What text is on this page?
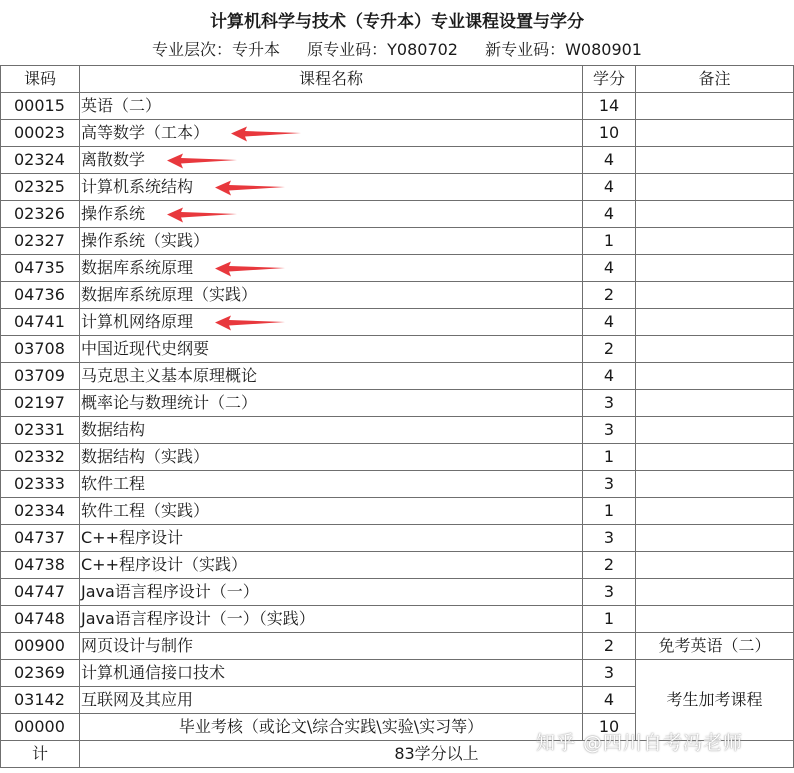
计算机科学与技术（专升本）专业课程设置与学分
专业层次：专升本 原专业码：Y080702 新专业码：W080901
课码	课程名称	学分	备注
00015	英语（二）	14	
00023	高等数学（工本）	10	
02324	离散数学	4	
02325	计算机系统结构	4	
02326	操作系统	4	
02327	操作系统（实践）	1	
04735	数据库系统原理	4	
04736	数据库系统原理（实践）	2	
04741	计算机网络原理	4	
03708	中国近现代史纲要	2	
03709	马克思主义基本原理概论	4	
02197	概率论与数理统计（二）	3	
02331	数据结构	3	
02332	数据结构（实践）	1	
02333	软件工程	3	
02334	软件工程（实践）	1	
04737	C++程序设计	3	
04738	C++程序设计（实践）	2	
04747	Java语言程序设计（一）	3	
04748	Java语言程序设计（一）（实践）	1	
00900	网页设计与制作	2	免考英语（二）
02369	计算机通信接口技术	3	考生加考课程
03142	互联网及其应用	4	
00000	毕业考核（或论文\综合实践\实验\实习等）	10	
计	83学分以上			知乎 @四川自考冯老师
